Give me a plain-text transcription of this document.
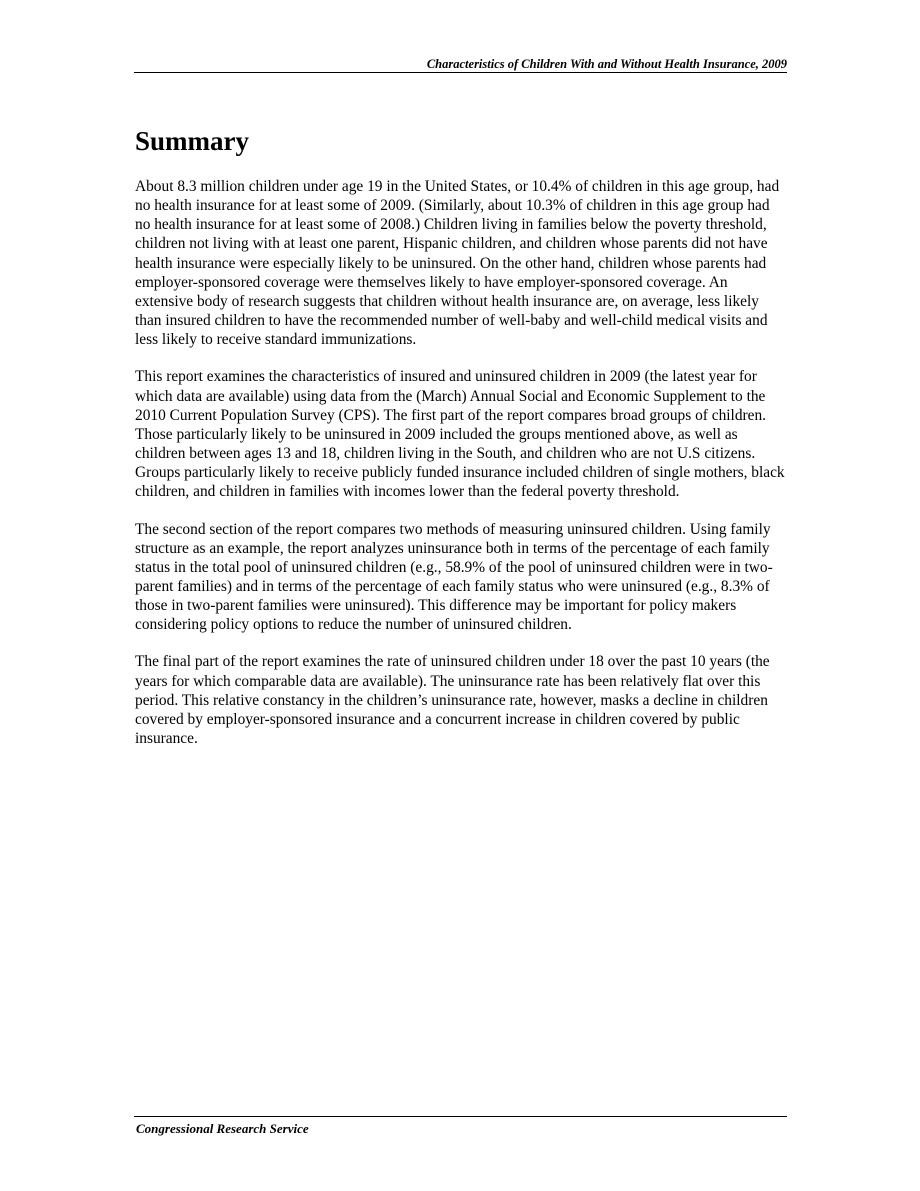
Characteristics of Children With and Without Health Insurance, 2009
Summary

About 8.3 million children under age 19 in the United States, or 10.4% of children in this age group, had no health insurance for at least some of 2009. (Similarly, about 10.3% of children in this age group had no health insurance for at least some of 2008.) Children living in families below the poverty threshold, children not living with at least one parent, Hispanic children, and children whose parents did not have health insurance were especially likely to be uninsured. On the other hand, children whose parents had employer-sponsored coverage were themselves likely to have employer-sponsored coverage. An extensive body of research suggests that children without health insurance are, on average, less likely than insured children to have the recommended number of well-baby and well-child medical visits and less likely to receive standard immunizations.

This report examines the characteristics of insured and uninsured children in 2009 (the latest year for which data are available) using data from the (March) Annual Social and Economic Supplement to the 2010 Current Population Survey (CPS). The first part of the report compares broad groups of children. Those particularly likely to be uninsured in 2009 included the groups mentioned above, as well as children between ages 13 and 18, children living in the South, and children who are not U.S citizens. Groups particularly likely to receive publicly funded insurance included children of single mothers, black children, and children in families with incomes lower than the federal poverty threshold.

The second section of the report compares two methods of measuring uninsured children. Using family structure as an example, the report analyzes uninsurance both in terms of the percentage of each family status in the total pool of uninsured children (e.g., 58.9% of the pool of uninsured children were in two-parent families) and in terms of the percentage of each family status who were uninsured (e.g., 8.3% of those in two-parent families were uninsured). This difference may be important for policy makers considering policy options to reduce the number of uninsured children.

The final part of the report examines the rate of uninsured children under 18 over the past 10 years (the years for which comparable data are available). The uninsurance rate has been relatively flat over this period. This relative constancy in the children’s uninsurance rate, however, masks a decline in children covered by employer-sponsored insurance and a concurrent increase in children covered by public insurance.

Congressional Research Service
